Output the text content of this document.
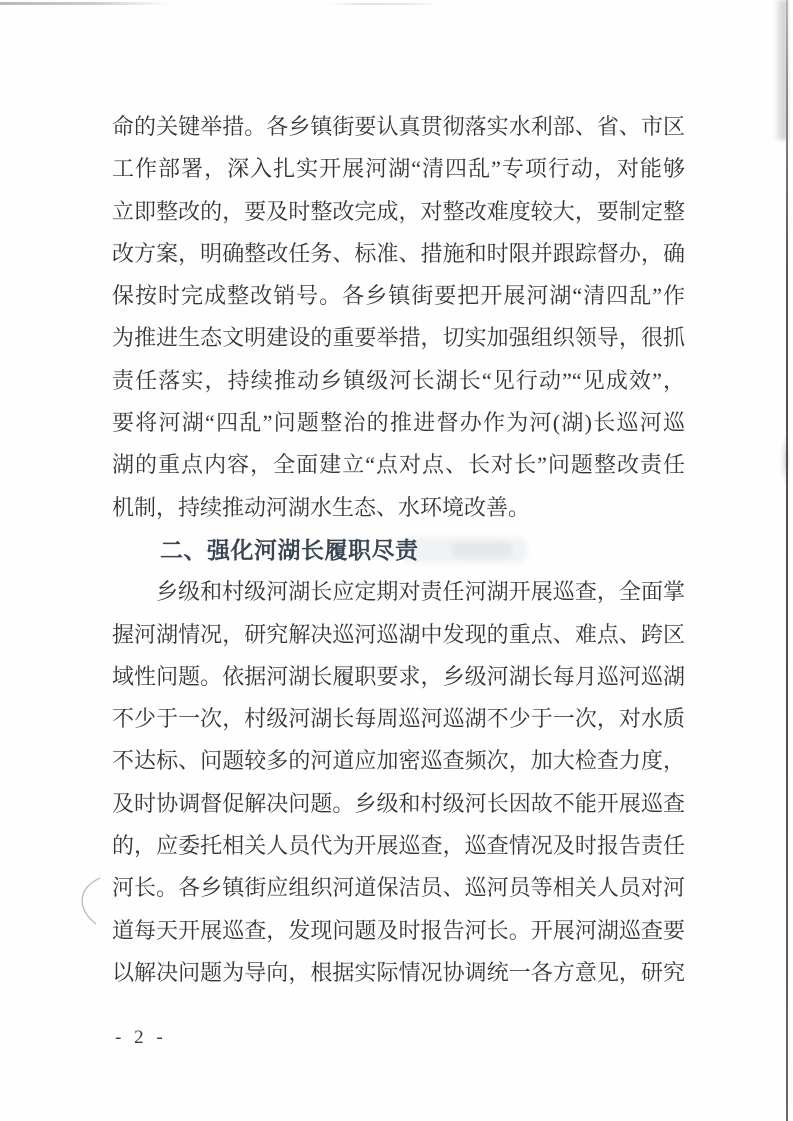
命的关键举措。各乡镇街要认真贯彻落实水利部、省、市区
工作部署，深入扎实开展河湖“清四乱”专项行动，对能够
立即整改的，要及时整改完成，对整改难度较大，要制定整
改方案，明确整改任务、标准、措施和时限并跟踪督办，确
保按时完成整改销号。各乡镇街要把开展河湖“清四乱”作
为推进生态文明建设的重要举措，切实加强组织领导，很抓
责任落实，持续推动乡镇级河长湖长“见行动”“见成效”，
要将河湖“四乱”问题整治的推进督办作为河(湖)长巡河巡
湖的重点内容，全面建立“点对点、长对长”问题整改责任
机制，持续推动河湖水生态、水环境改善。
二、强化河湖长履职尽责
乡级和村级河湖长应定期对责任河湖开展巡查，全面掌
握河湖情况，研究解决巡河巡湖中发现的重点、难点、跨区
域性问题。依据河湖长履职要求，乡级河湖长每月巡河巡湖
不少于一次，村级河湖长每周巡河巡湖不少于一次，对水质
不达标、问题较多的河道应加密巡查频次，加大检查力度，
及时协调督促解决问题。乡级和村级河长因故不能开展巡查
的，应委托相关人员代为开展巡查，巡查情况及时报告责任
河长。各乡镇街应组织河道保洁员、巡河员等相关人员对河
道每天开展巡查，发现问题及时报告河长。开展河湖巡查要
以解决问题为导向，根据实际情况协调统一各方意见，研究
- 2 -
